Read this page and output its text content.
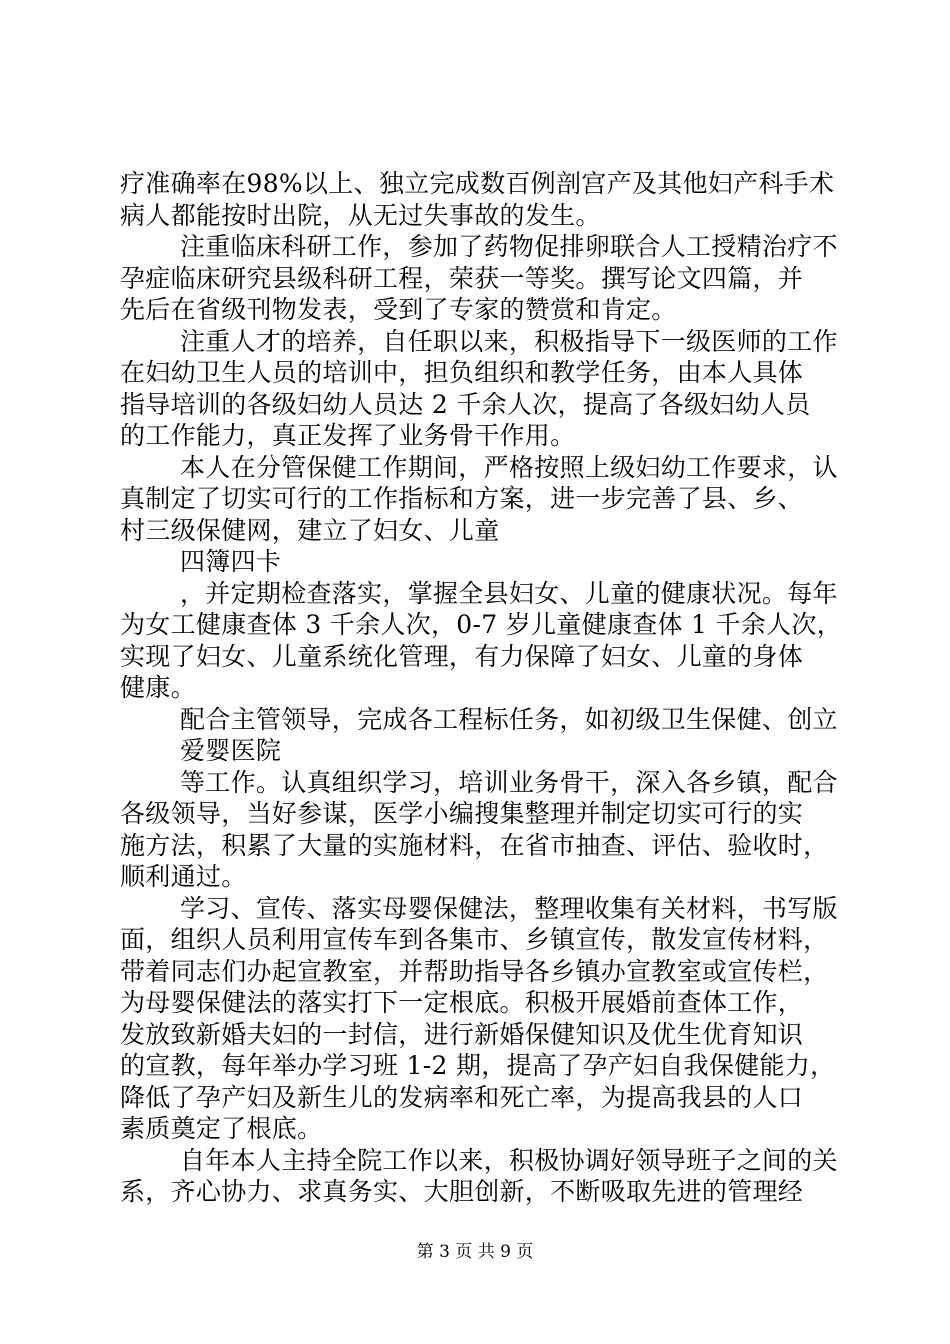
疗准确率在98%以上、独立完成数百例剖宫产及其他妇产科手术
病人都能按时出院，从无过失事故的发生。
注重临床科研工作，参加了药物促排卵联合人工授精治疗不
孕症临床研究县级科研工程，荣获一等奖。撰写论文四篇，并
先后在省级刊物发表，受到了专家的赞赏和肯定。
注重人才的培养，自任职以来，积极指导下一级医师的工作
在妇幼卫生人员的培训中，担负组织和教学任务，由本人具体
指导培训的各级妇幼人员达 2 千余人次，提高了各级妇幼人员
的工作能力，真正发挥了业务骨干作用。
本人在分管保健工作期间，严格按照上级妇幼工作要求，认
真制定了切实可行的工作指标和方案，进一步完善了县、乡、
村三级保健网，建立了妇女、儿童
四簿四卡
，并定期检查落实，掌握全县妇女、儿童的健康状况。每年
为女工健康查体 3 千余人次，0-7 岁儿童健康查体 1 千余人次，
实现了妇女、儿童系统化管理，有力保障了妇女、儿童的身体
健康。
配合主管领导，完成各工程标任务，如初级卫生保健、创立
爱婴医院
等工作。认真组织学习，培训业务骨干，深入各乡镇，配合
各级领导，当好参谋，医学小编搜集整理并制定切实可行的实
施方法，积累了大量的实施材料，在省市抽查、评估、验收时，
顺利通过。
学习、宣传、落实母婴保健法，整理收集有关材料，书写版
面，组织人员利用宣传车到各集市、乡镇宣传，散发宣传材料，
带着同志们办起宣教室，并帮助指导各乡镇办宣教室或宣传栏，
为母婴保健法的落实打下一定根底。积极开展婚前查体工作，
发放致新婚夫妇的一封信，进行新婚保健知识及优生优育知识
的宣教，每年举办学习班 1-2 期，提高了孕产妇自我保健能力，
降低了孕产妇及新生儿的发病率和死亡率，为提高我县的人口
素质奠定了根底。
自年本人主持全院工作以来，积极协调好领导班子之间的关
系，齐心协力、求真务实、大胆创新，不断吸取先进的管理经
第 3 页 共 9 页
